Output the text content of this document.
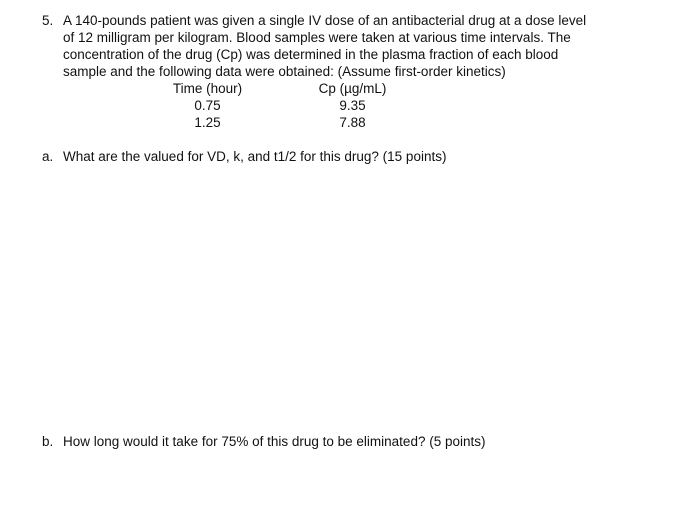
5. A 140-pounds patient was given a single IV dose of an antibacterial drug at a dose level
of 12 milligram per kilogram. Blood samples were taken at various time intervals. The
concentration of the drug (Cp) was determined in the plasma fraction of each blood
sample and the following data were obtained: (Assume first-order kinetics)
Time (hour)	Cp (µg/mL)
0.75	9.35
1.25	7.88
a. What are the valued for VD, k, and t1/2 for this drug? (15 points)
b. How long would it take for 75% of this drug to be eliminated? (5 points)
